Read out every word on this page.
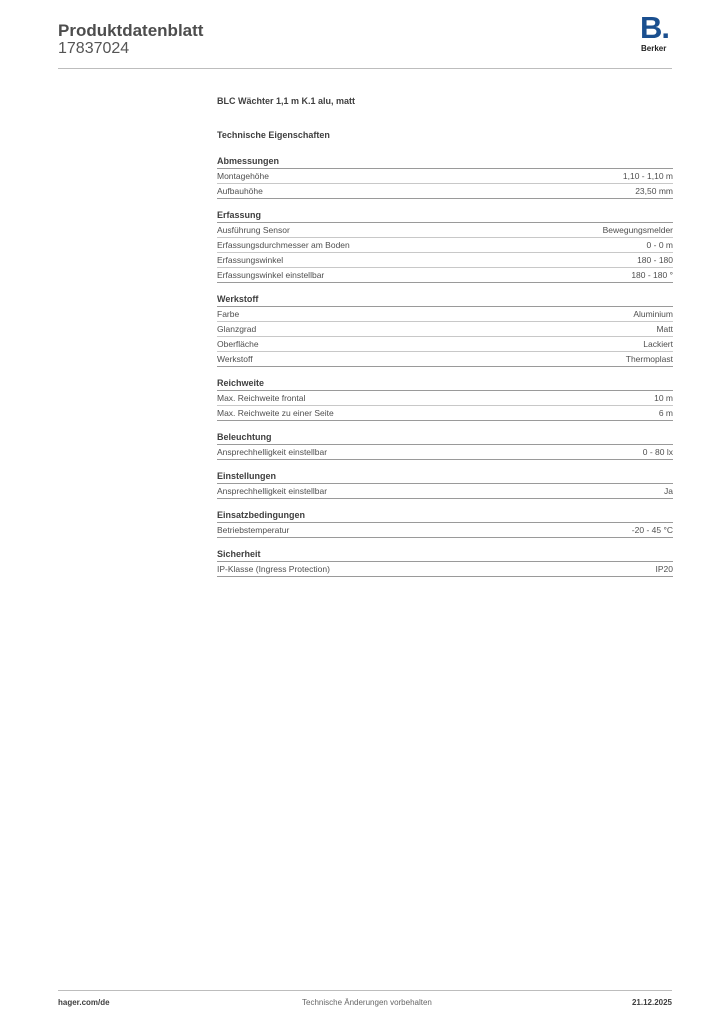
Produktdatenblatt
17837024
B.
Berker
BLC Wächter 1,1 m K.1 alu, matt
Technische Eigenschaften
Abmessungen
Montagehöhe	1,10 - 1,10 m
Aufbauhöhe	23,50 mm
Erfassung
Ausführung Sensor	Bewegungsmelder
Erfassungsdurchmesser am Boden	0 - 0 m
Erfassungswinkel	180 - 180
Erfassungswinkel einstellbar	180 - 180 °
Werkstoff
Farbe	Aluminium
Glanzgrad	Matt
Oberfläche	Lackiert
Werkstoff	Thermoplast
Reichweite
Max. Reichweite frontal	10 m
Max. Reichweite zu einer Seite	6 m
Beleuchtung
Ansprechhelligkeit einstellbar	0 - 80 lx
Einstellungen
Ansprechhelligkeit einstellbar	Ja
Einsatzbedingungen
Betriebstemperatur	-20 - 45 °C
Sicherheit
IP-Klasse (Ingress Protection)	IP20
hager.com/de	Technische Änderungen vorbehalten	21.12.2025
